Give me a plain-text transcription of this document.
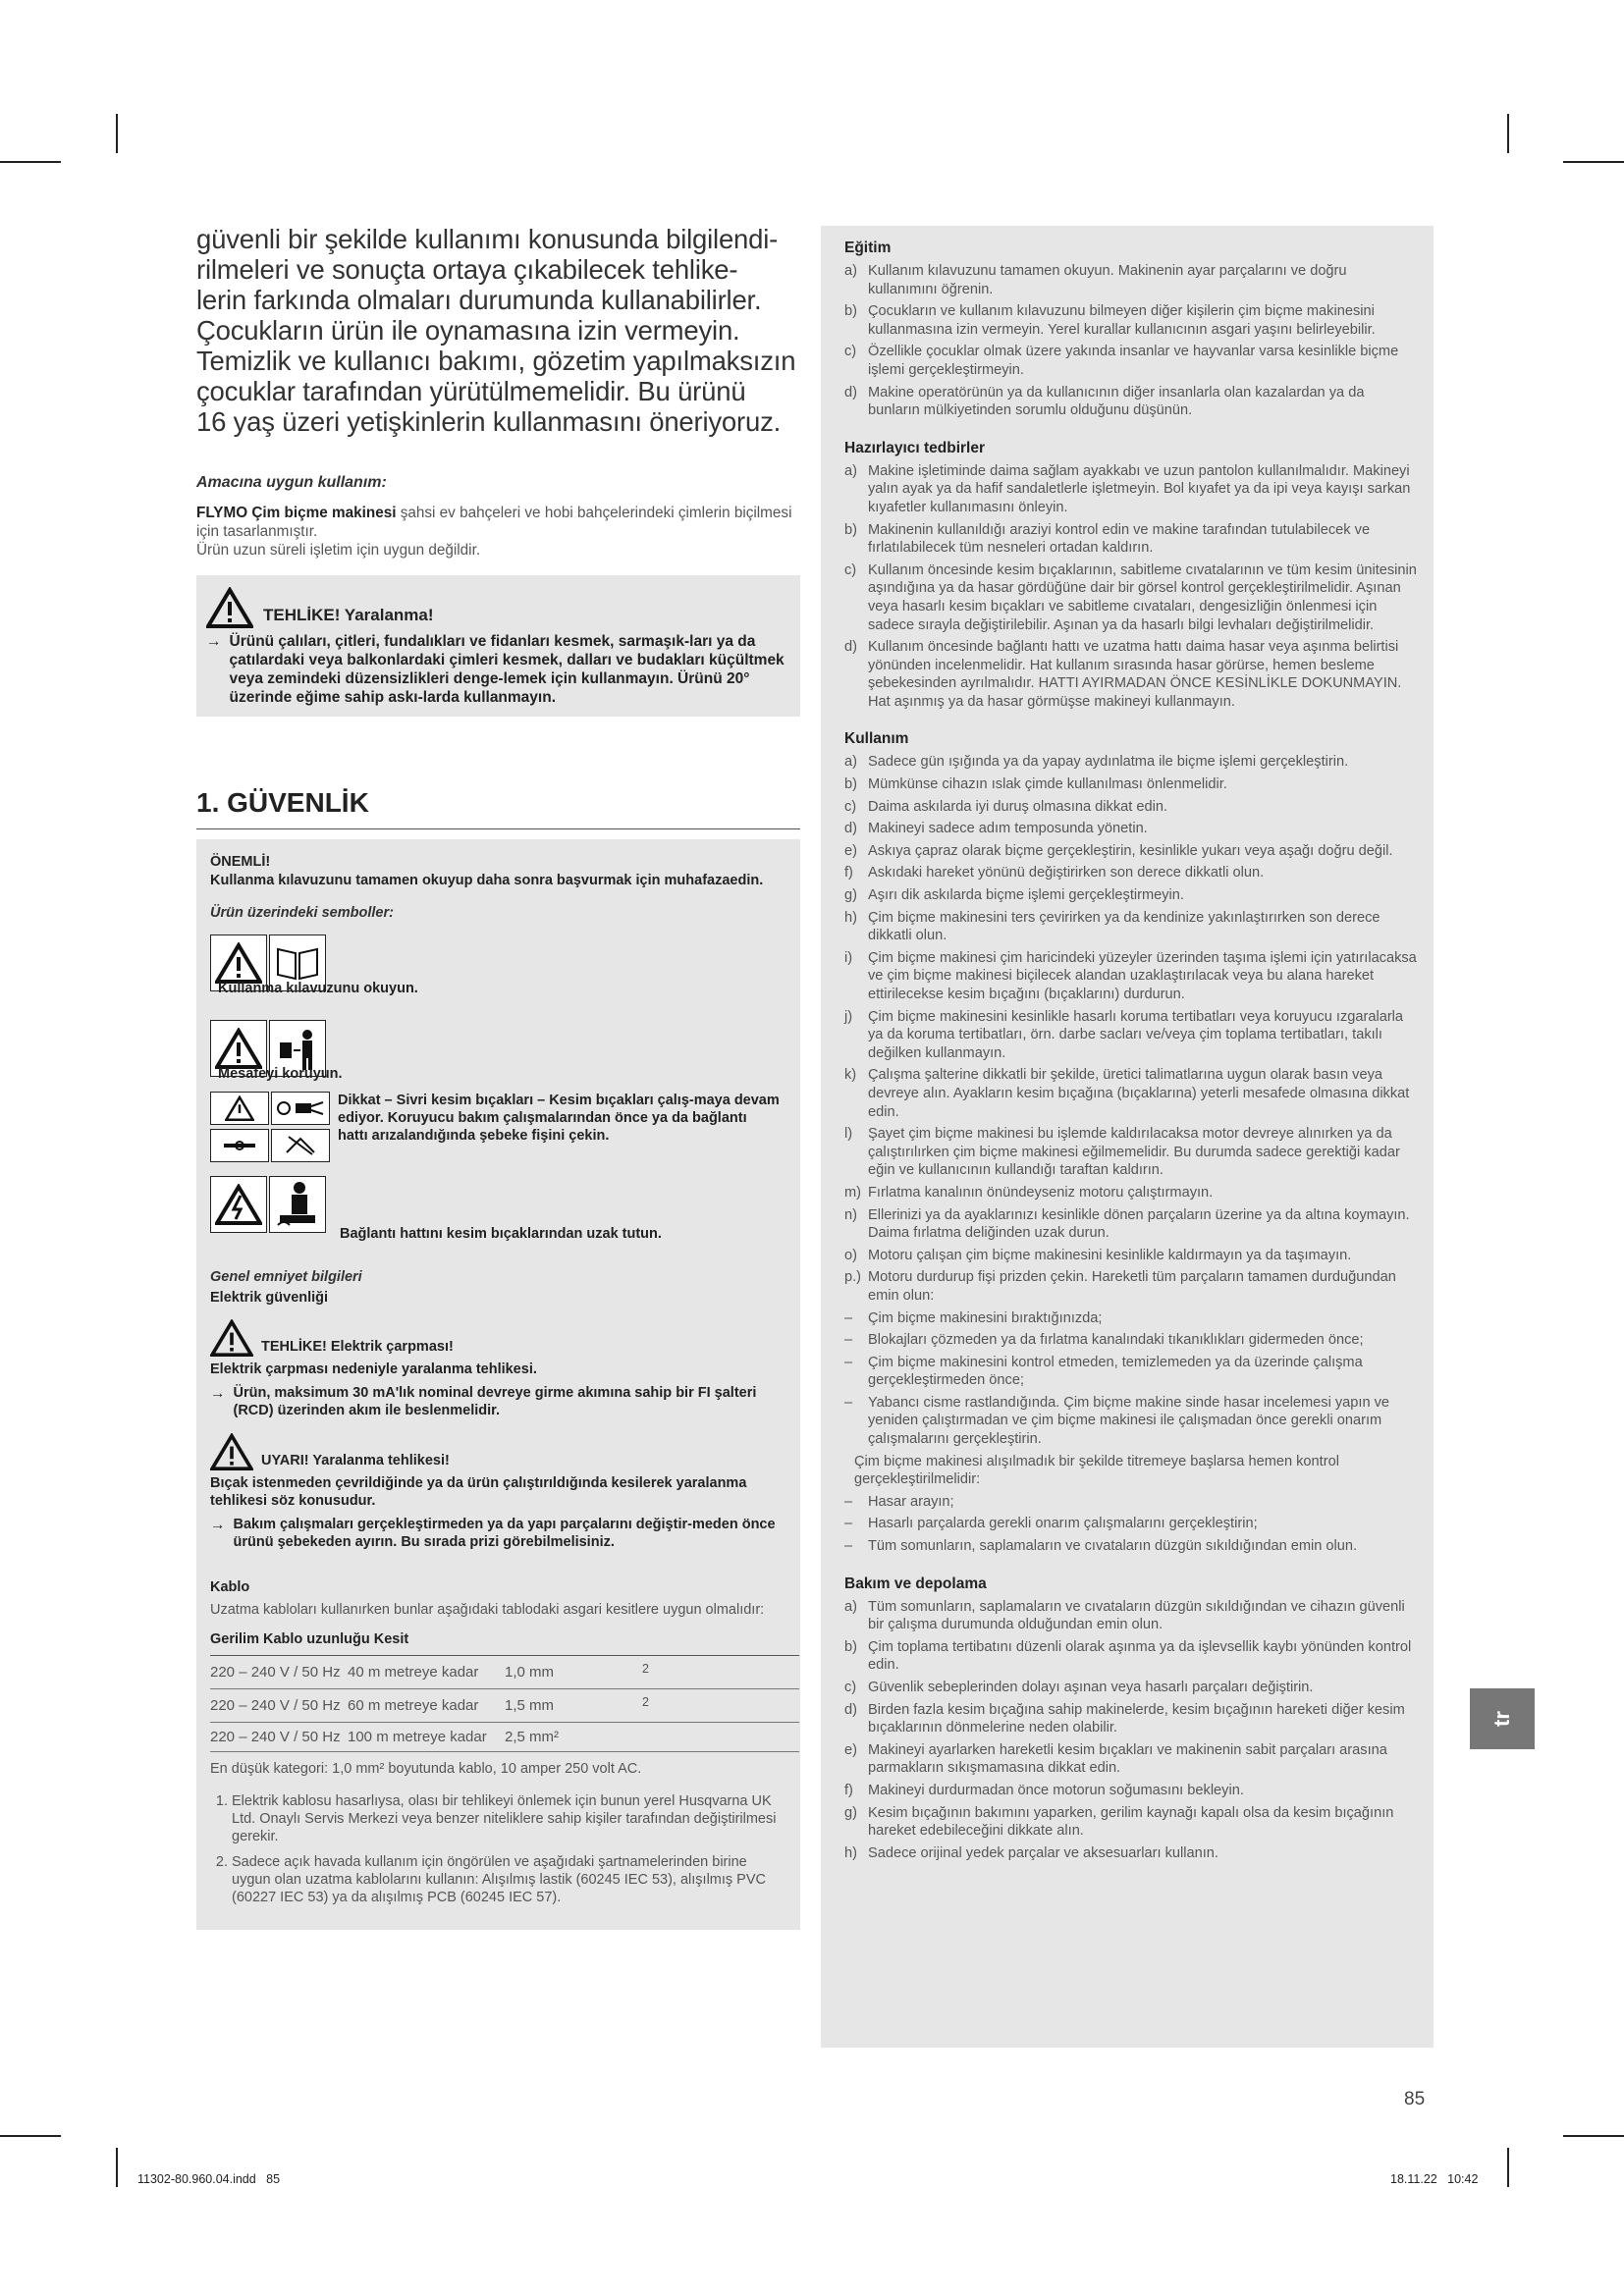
güvenli bir şekilde kullanımı konusunda bilgilendi-
rilmeleri ve sonuçta ortaya çıkabilecek tehlike-
lerin farkında olmaları durumunda kullanabilirler.
Çocukların ürün ile oynamasına izin vermeyin.
Temizlik ve kullanıcı bakımı, gözetim yapılmaksızın
çocuklar tarafından yürütülmemelidir. Bu ürünü
16 yaş üzeri yetişkinlerin kullanmasını öneriyoruz.

Amacına uygun kullanım:

FLYMO Çim biçme makinesi şahsi ev bahçeleri ve hobi bahçelerindeki çimlerin biçilmesi için tasarlanmıştır.

Ürün uzun süreli işletim için uygun değildir.

TEHLİKE! Yaralanma!
→ Ürünü çalıları, çitleri, fundalıkları ve fidanları kesmek, sarmaşık-ları ya da çatılardaki veya balkonlardaki çimleri kesmek, dalları ve budakları küçültmek veya zemindeki düzensizlikleri denge-lemek için kullanmayın. Ürünü 20° üzerinde eğime sahip askı-larda kullanmayın.
1. GÜVENLİK
ÖNEMLİ!
Kullanma kılavuzunu tamamen okuyup daha sonra başvurmak için muhafazaedin.
Ürün üzerindeki semboller:
Kullanma kılavuzunu okuyun.
Mesafeyi koruyun.
Dikkat – Sivri kesim bıçakları – Kesim bıçakları çalış-maya devam ediyor. Koruyucu bakım çalışmalarından önce ya da bağlantı hattı arızalandığında şebeke fişini çekin.
Bağlantı hattını kesim bıçaklarından uzak tutun.
Genel emniyet bilgileri
Elektrik güvenliği
TEHLİKE! Elektrik çarpması!
Elektrik çarpması nedeniyle yaralanma tehlikesi.
→ Ürün, maksimum 30 mA'lık nominal devreye girme akımına sahip bir FI şalteri (RCD) üzerinden akım ile beslenmelidir.
UYARI! Yaralanma tehlikesi!
Bıçak istenmeden çevrildiğinde ya da ürün çalıştırıldığında kesilerek yaralanma tehlikesi söz konusudur.
→ Bakım çalışmaları gerçekleştirmeden ya da yapı parçalarını değiştir-meden önce ürünü şebekeden ayırın. Bu sırada prizi görebilmelisiniz.
Kablo

Uzatma kabloları kullanırken bunlar aşağıdaki tablodaki asgari kesitlere uygun olmalıdır:

Gerilim Kablo uzunluğu Kesit
220 – 240 V / 50 Hz	40 m metreye kadar	1,0 mm	$^2$
220 – 240 V / 50 Hz	60 m metreye kadar	1,5 mm	$^2$
220 – 240 V / 50 Hz	100 m metreye kadar	2,5 mm²	

En düşük kategori: 1,0 mm² boyutunda kablo, 10 amper 250 volt AC.

1. Elektrik kablosu hasarlıysa, olası bir tehlikeyi önlemek için bunun yerel Husqvarna UK Ltd. Onaylı Servis Merkezi veya benzer niteliklere sahip kişiler tarafından değiştirilmesi gerekir.
2. Sadece açık havada kullanım için öngörülen ve aşağıdaki şartnamelerinden birine uygun olan uzatma kablolarını kullanın: Alışılmış lastik (60245 IEC 53), alışılmış PVC (60227 IEC 53) ya da alışılmış PCB (60245 IEC 57).
Eğitim
a) Kullanım kılavuzunu tamamen okuyun. Makinenin ayar parçalarını ve doğru kullanımını öğrenin.
b) Çocukların ve kullanım kılavuzunu bilmeyen diğer kişilerin çim biçme makinesini kullanmasına izin vermeyin. Yerel kurallar kullanıcının asgari yaşını belirleyebilir.
c) Özellikle çocuklar olmak üzere yakında insanlar ve hayvanlar varsa kesinlikle biçme işlemi gerçekleştirmeyin.
d) Makine operatörünün ya da kullanıcının diğer insanlarla olan kazalardan ya da bunların mülkiyetinden sorumlu olduğunu düşünün.
Hazırlayıcı tedbirler
a) Makine işletiminde daima sağlam ayakkabı ve uzun pantolon kullanılmalıdır. Makineyi yalın ayak ya da hafif sandaletlerle işletmeyin. Bol kıyafet ya da ipi veya kayışı sarkan kıyafetler kullanımasını önleyin.
b) Makinenin kullanıldığı araziyi kontrol edin ve makine tarafından tutulabilecek ve fırlatılabilecek tüm nesneleri ortadan kaldırın.
c) Kullanım öncesinde kesim bıçaklarının, sabitleme cıvatalarının ve tüm kesim ünitesinin aşındığına ya da hasar gördüğüne dair bir görsel kontrol gerçekleştirilmelidir. Aşınan veya hasarlı kesim bıçakları ve sabitleme cıvataları, dengesizliğin önlenmesi için sadece sırayla değiştirilebilir. Aşınan ya da hasarlı bilgi levhaları değiştirilmelidir.
d) Kullanım öncesinde bağlantı hattı ve uzatma hattı daima hasar veya aşınma belirtisi yönünden incelenmelidir. Hat kullanım sırasında hasar görürse, hemen besleme şebekesinden ayrılmalıdır. HATTI AYIRMADAN ÖNCE KESİNLİKLE DOKUNMAYIN. Hat aşınmış ya da hasar görmüşse makineyi kullanmayın.
Kullanım
a) Sadece gün ışığında ya da yapay aydınlatma ile biçme işlemi gerçekleştirin.
b) Mümkünse cihazın ıslak çimde kullanılması önlenmelidir.
c) Daima askılarda iyi duruş olmasına dikkat edin.
d) Makineyi sadece adım temposunda yönetin.
e) Askıya çapraz olarak biçme gerçekleştirin, kesinlikle yukarı veya aşağı doğru değil.
f) Askıdaki hareket yönünü değiştirirken son derece dikkatli olun.
g) Aşırı dik askılarda biçme işlemi gerçekleştirmeyin.
h) Çim biçme makinesini ters çevirirken ya da kendinize yakınlaştırırken son derece dikkatli olun.
i) Çim biçme makinesi çim haricindeki yüzeyler üzerinden taşıma işlemi için yatırılacaksa ve çim biçme makinesi biçilecek alandan uzaklaştırılacak veya bu alana hareket ettirilecekse kesim bıçağını (bıçaklarını) durdurun.
j) Çim biçme makinesini kesinlikle hasarlı koruma tertibatları veya koruyucu ızgaralarla ya da koruma tertibatları, örn. darbe sacları ve/veya çim toplama tertibatları, takılı değilken kullanmayın.
k) Çalışma şalterine dikkatli bir şekilde, üretici talimatlarına uygun olarak basın veya devreye alın. Ayakların kesim bıçağına (bıçaklarına) yeterli mesafede olmasına dikkat edin.
l) Şayet çim biçme makinesi bu işlemde kaldırılacaksa motor devreye alınırken ya da çalıştırılırken çim biçme makinesi eğilmemelidir. Bu durumda sadece gerektiği kadar eğin ve kullanıcının kullandığı taraftan kaldırın.
m) Fırlatma kanalının önündeyseniz motoru çalıştırmayın.
n) Ellerinizi ya da ayaklarınızı kesinlikle dönen parçaların üzerine ya da altına koymayın. Daima fırlatma deliğinden uzak durun.
o) Motoru çalışan çim biçme makinesini kesinlikle kaldırmayın ya da taşımayın.
p.) Motoru durdurup fişi prizden çekin. Hareketli tüm parçaların tamamen durduğundan emin olun:
– Çim biçme makinesini bıraktığınızda;
– Blokajları çözmeden ya da fırlatma kanalındaki tıkanıklıkları gidermeden önce;
– Çim biçme makinesini kontrol etmeden, temizlemeden ya da üzerinde çalışma gerçekleştirmeden önce;
– Yabancı cisme rastlandığında. Çim biçme makine sinde hasar incelemesi yapın ve yeniden çalıştırmadan ve çim biçme makinesi ile çalışmadan önce gerekli onarım çalışmalarını gerçekleştirin.

Çim biçme makinesi alışılmadık bir şekilde titremeye başlarsa hemen kontrol gerçekleştirilmelidir:

– Hasar arayın;
– Hasarlı parçalarda gerekli onarım çalışmalarını gerçekleştirin;
– Tüm somunların, saplamaların ve cıvataların düzgün sıkıldığından emin olun.
Bakım ve depolama
a) Tüm somunların, saplamaların ve cıvataların düzgün sıkıldığından ve cihazın güvenli bir çalışma durumunda olduğundan emin olun.
b) Çim toplama tertibatını düzenli olarak aşınma ya da işlevsellik kaybı yönünden kontrol edin.
c) Güvenlik sebeplerinden dolayı aşınan veya hasarlı parçaları değiştirin.
d) Birden fazla kesim bıçağına sahip makinelerde, kesim bıçağının hareketi diğer kesim bıçaklarının dönmelerine neden olabilir.
e) Makineyi ayarlarken hareketli kesim bıçakları ve makinenin sabit parçaları arasına parmakların sıkışmamasına dikkat edin.
f) Makineyi durdurmadan önce motorun soğumasını bekleyin.
g) Kesim bıçağının bakımını yaparken, gerilim kaynağı kapalı olsa da kesim bıçağının hareket edebileceğini dikkate alın.
h) Sadece orijinal yedek parçalar ve aksesuarları kullanın.
tr
85
11302-80.960.04.indd   85	18.11.22   10:42
